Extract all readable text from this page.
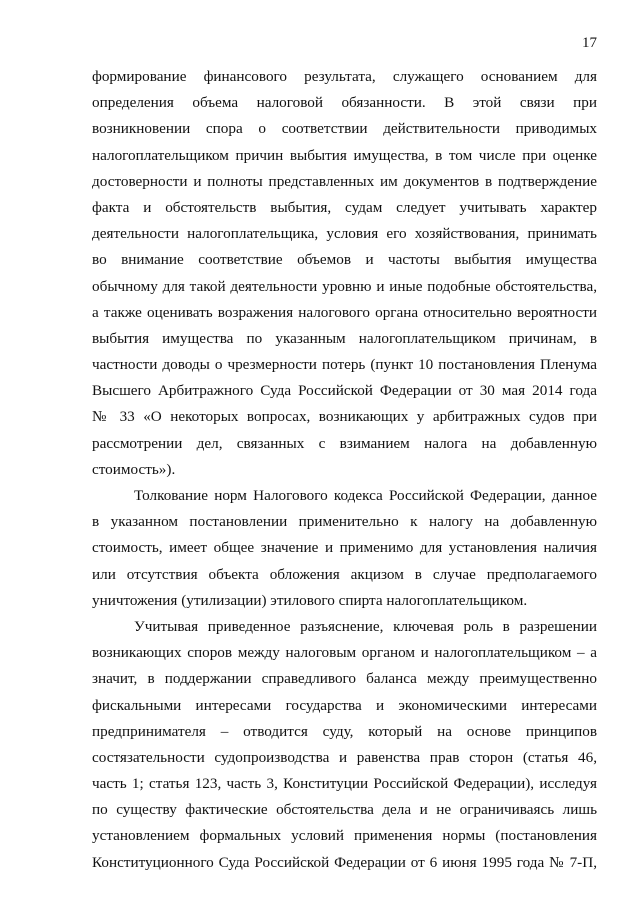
17
формирование финансового результата, служащего основанием для
определения объема налоговой обязанности. В этой связи при
возникновении спора о соответствии действительности приводимых
налогоплательщиком причин выбытия имущества, в том числе при оценке
достоверности и полноты представленных им документов в подтверждение
факта и обстоятельств выбытия, судам следует учитывать характер
деятельности налогоплательщика, условия его хозяйствования, принимать
во внимание соответствие объемов и частоты выбытия имущества
обычному для такой деятельности уровню и иные подобные обстоятельства,
а также оценивать возражения налогового органа относительно вероятности
выбытия имущества по указанным налогоплательщиком причинам, в
частности доводы о чрезмерности потерь (пункт 10 постановления Пленума
Высшего Арбитражного Суда Российской Федерации от 30 мая 2014 года
№ 33 «О некоторых вопросах, возникающих у арбитражных судов при
рассмотрении дел, связанных с взиманием налога на добавленную
стоимость»).
Толкование норм Налогового кодекса Российской Федерации, данное
в указанном постановлении применительно к налогу на добавленную
стоимость, имеет общее значение и применимо для установления наличия
или отсутствия объекта обложения акцизом в случае предполагаемого
уничтожения (утилизации) этилового спирта налогоплательщиком.
Учитывая приведенное разъяснение, ключевая роль в разрешении
возникающих споров между налоговым органом и налогоплательщиком – а
значит, в поддержании справедливого баланса между преимущественно
фискальными интересами государства и экономическими интересами
предпринимателя – отводится суду, который на основе принципов
состязательности судопроизводства и равенства прав сторон (статья 46,
часть 1; статья 123, часть 3, Конституции Российской Федерации), исследуя
по существу фактические обстоятельства дела и не ограничиваясь лишь
установлением формальных условий применения нормы (постановления
Конституционного Суда Российской Федерации от 6 июня 1995 года № 7-П,
